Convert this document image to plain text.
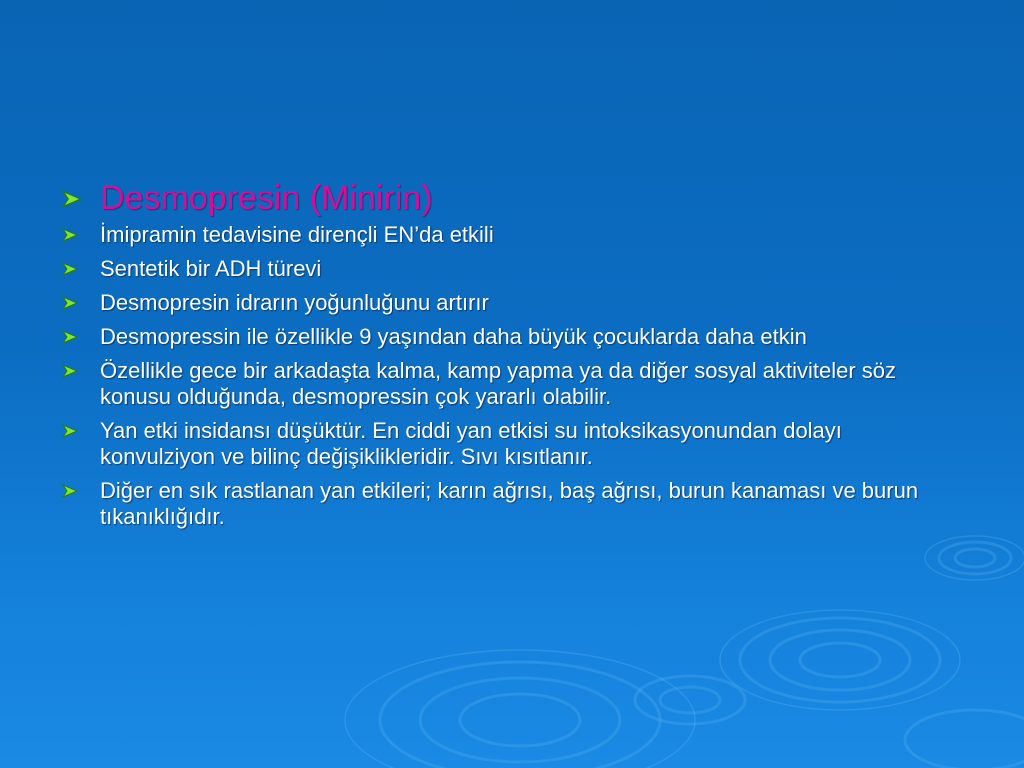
Desmopresin (Minirin)
İmipramin tedavisine dirençli EN’da etkili
Sentetik bir ADH türevi
Desmopresin idrarın yoğunluğunu artırır
Desmopressin ile özellikle 9 yaşından daha büyük çocuklarda daha etkin
Özellikle gece bir arkadaşta kalma, kamp yapma ya da diğer sosyal aktiviteler söz konusu olduğunda, desmopressin çok yararlı olabilir.
Yan etki insidansı düşüktür. En ciddi yan etkisi su intoksikasyonundan dolayı konvulziyon ve bilinç değişiklikleridir. Sıvı kısıtlanır.
Diğer en sık rastlanan yan etkileri; karın ağrısı, baş ağrısı, burun kanaması ve burun tıkanıklığıdır.
